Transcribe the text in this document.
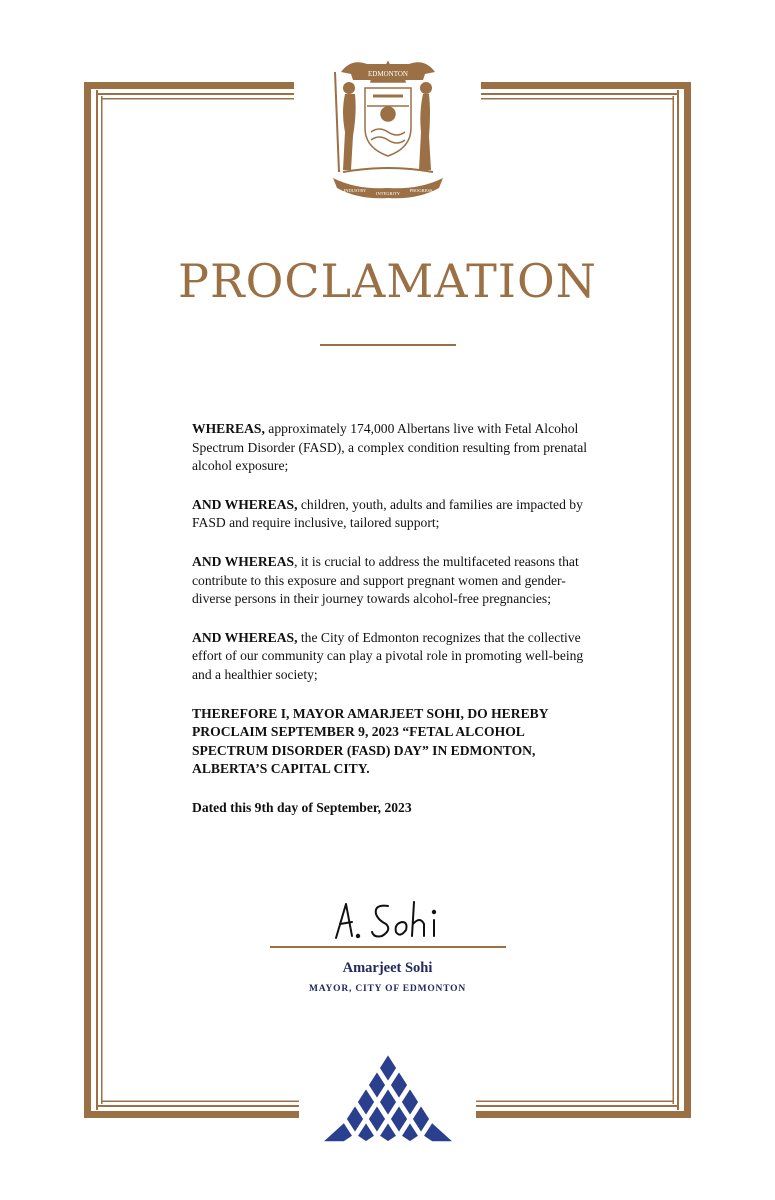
EDMONTON
INDUSTRY
INTEGRITY
PROGRESS
PROCLAMATION

WHEREAS, approximately 174,000 Albertans live with Fetal Alcohol Spectrum Disorder (FASD), a complex condition resulting from prenatal alcohol exposure;

AND WHEREAS, children, youth, adults and families are impacted by FASD and require inclusive, tailored support;

AND WHEREAS, it is crucial to address the multifaceted reasons that contribute to this exposure and support pregnant women and gender-diverse persons in their journey towards alcohol-free pregnancies;

AND WHEREAS, the City of Edmonton recognizes that the collective effort of our community can play a pivotal role in promoting well-being and a healthier society;

THEREFORE I, MAYOR AMARJEET SOHI, DO HEREBY PROCLAIM SEPTEMBER 9, 2023 “FETAL ALCOHOL SPECTRUM DISORDER (FASD) DAY” IN EDMONTON, ALBERTA’S CAPITAL CITY.

Dated this 9th day of September, 2023

Amarjeet Sohi
MAYOR, CITY OF EDMONTON
